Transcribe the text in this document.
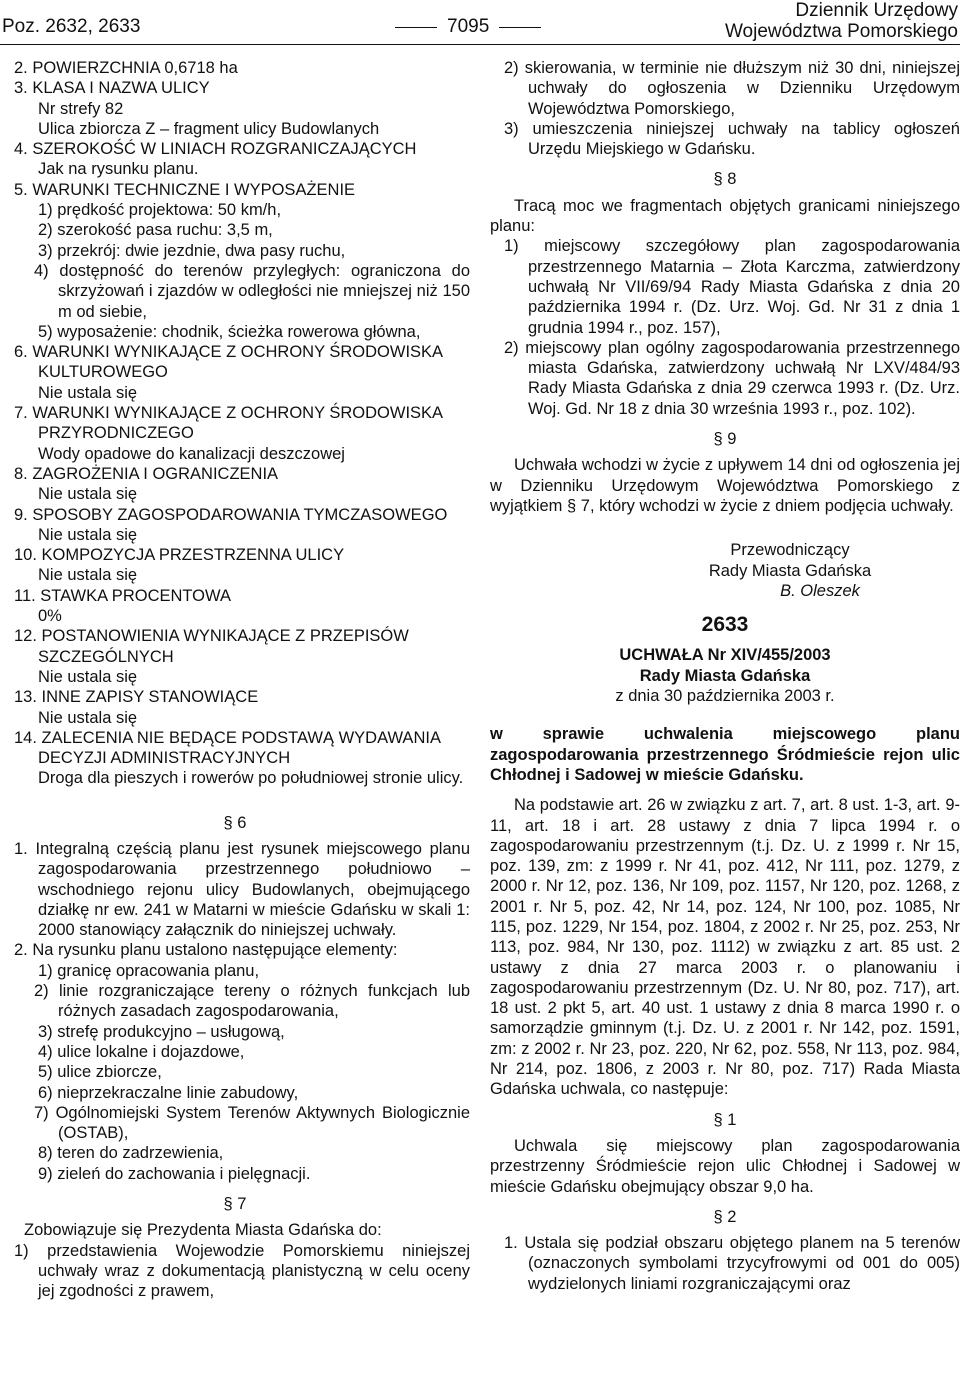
Poz. 2632, 2633	7095
Dziennik Urzędowy
Województwa Pomorskiego

2. POWIERZCHNIA 0,6718 ha

3. KLASA I NAZWA ULICY

Nr strefy 82

Ulica zbiorcza Z – fragment ulicy Budowlanych

4. SZEROKOŚĆ W LINIACH ROZGRANICZAJĄCYCH

Jak na rysunku planu.

5. WARUNKI TECHNICZNE I WYPOSAŻENIE

1) prędkość projektowa: 50 km/h,

2) szerokość pasa ruchu: 3,5 m,

3) przekrój: dwie jezdnie, dwa pasy ruchu,

4) dostępność do terenów przyległych: ograniczona do skrzyżowań i zjazdów w odległości nie mniejszej niż 150 m od siebie,

5) wyposażenie: chodnik, ścieżka rowerowa główna,

6. WARUNKI WYNIKAJĄCE Z OCHRONY ŚRODOWISKA KULTUROWEGO

Nie ustala się

7. WARUNKI WYNIKAJĄCE Z OCHRONY ŚRODOWISKA PRZYRODNICZEGO

Wody opadowe do kanalizacji deszczowej

8. ZAGROŻENIA I OGRANICZENIA

Nie ustala się

9. SPOSOBY ZAGOSPODAROWANIA TYMCZASOWEGO

Nie ustala się

10. KOMPOZYCJA PRZESTRZENNA ULICY

Nie ustala się

11. STAWKA PROCENTOWA

0%

12. POSTANOWIENIA WYNIKAJĄCE Z PRZEPISÓW SZCZEGÓLNYCH

Nie ustala się

13. INNE ZAPISY STANOWIĄCE

Nie ustala się

14. ZALECENIA NIE BĘDĄCE PODSTAWĄ WYDAWANIA DECYZJI ADMINISTRACYJNYCH

Droga dla pieszych i rowerów po południowej stronie ulicy.

§ 6

1. Integralną częścią planu jest rysunek miejscowego planu zagospodarowania przestrzennego południowo – wschodniego rejonu ulicy Budowlanych, obejmującego działkę nr ew. 241 w Matarni w mieście Gdańsku w skali 1: 2000 stanowiący załącznik do niniejszej uchwały.

2. Na rysunku planu ustalono następujące elementy:

1) granicę opracowania planu,

2) linie rozgraniczające tereny o różnych funkcjach lub różnych zasadach zagospodarowania,

3) strefę produkcyjno – usługową,

4) ulice lokalne i dojazdowe,

5) ulice zbiorcze,

6) nieprzekraczalne linie zabudowy,

7) Ogólnomiejski System Terenów Aktywnych Biologicznie (OSTAB),

8) teren do zadrzewienia,

9) zieleń do zachowania i pielęgnacji.

§ 7

Zobowiązuje się Prezydenta Miasta Gdańska do:

1) przedstawienia Wojewodzie Pomorskiemu niniejszej uchwały wraz z dokumentacją planistyczną w celu oceny jej zgodności z prawem,

2) skierowania, w terminie nie dłuższym niż 30 dni, niniejszej uchwały do ogłoszenia w Dzienniku Urzędowym Województwa Pomorskiego,

3) umieszczenia niniejszej uchwały na tablicy ogłoszeń Urzędu Miejskiego w Gdańsku.

§ 8

Tracą moc we fragmentach objętych granicami niniejszego planu:

1) miejscowy szczegółowy plan zagospodarowania przestrzennego Matarnia – Złota Karczma, zatwierdzony uchwałą Nr VII/69/94 Rady Miasta Gdańska z dnia 20 października 1994 r. (Dz. Urz. Woj. Gd. Nr 31 z dnia 1 grudnia 1994 r., poz. 157),

2) miejscowy plan ogólny zagospodarowania przestrzennego miasta Gdańska, zatwierdzony uchwałą Nr LXV/484/93 Rady Miasta Gdańska z dnia 29 czerwca 1993 r. (Dz. Urz. Woj. Gd. Nr 18 z dnia 30 września 1993 r., poz. 102).

§ 9

Uchwała wchodzi w życie z upływem 14 dni od ogłoszenia jej w Dzienniku Urzędowym Województwa Pomorskiego z wyjątkiem § 7, który wchodzi w życie z dniem podjęcia uchwały.

Przewodniczący

Rady Miasta Gdańska

B. Oleszek

2633

UCHWAŁA Nr XIV/455/2003

Rady Miasta Gdańska

z dnia 30 października 2003 r.

w sprawie uchwalenia miejscowego planu zagospodarowania przestrzennego Śródmieście rejon ulic Chłodnej i Sadowej w mieście Gdańsku.

Na podstawie art. 26 w związku z art. 7, art. 8 ust. 1-3, art. 9-11, art. 18 i art. 28 ustawy z dnia 7 lipca 1994 r. o zagospodarowaniu przestrzennym (t.j. Dz. U. z 1999 r. Nr 15, poz. 139, zm: z 1999 r. Nr 41, poz. 412, Nr 111, poz. 1279, z 2000 r. Nr 12, poz. 136, Nr 109, poz. 1157, Nr 120, poz. 1268, z 2001 r. Nr 5, poz. 42, Nr 14, poz. 124, Nr 100, poz. 1085, Nr 115, poz. 1229, Nr 154, poz. 1804, z 2002 r. Nr 25, poz. 253, Nr 113, poz. 984, Nr 130, poz. 1112) w związku z art. 85 ust. 2 ustawy z dnia 27 marca 2003 r. o planowaniu i zagospodarowaniu przestrzennym (Dz. U. Nr 80, poz. 717), art. 18 ust. 2 pkt 5, art. 40 ust. 1 ustawy z dnia 8 marca 1990 r. o samorządzie gminnym (t.j. Dz. U. z 2001 r. Nr 142, poz. 1591, zm: z 2002 r. Nr 23, poz. 220, Nr 62, poz. 558, Nr 113, poz. 984, Nr 214, poz. 1806, z 2003 r. Nr 80, poz. 717) Rada Miasta Gdańska uchwala, co następuje:

§ 1

Uchwala się miejscowy plan zagospodarowania przestrzenny Śródmieście rejon ulic Chłodnej i Sadowej w mieście Gdańsku obejmujący obszar 9,0 ha.

§ 2

1. Ustala się podział obszaru objętego planem na 5 terenów (oznaczonych symbolami trzycyfrowymi od 001 do 005) wydzielonych liniami rozgraniczającymi oraz
